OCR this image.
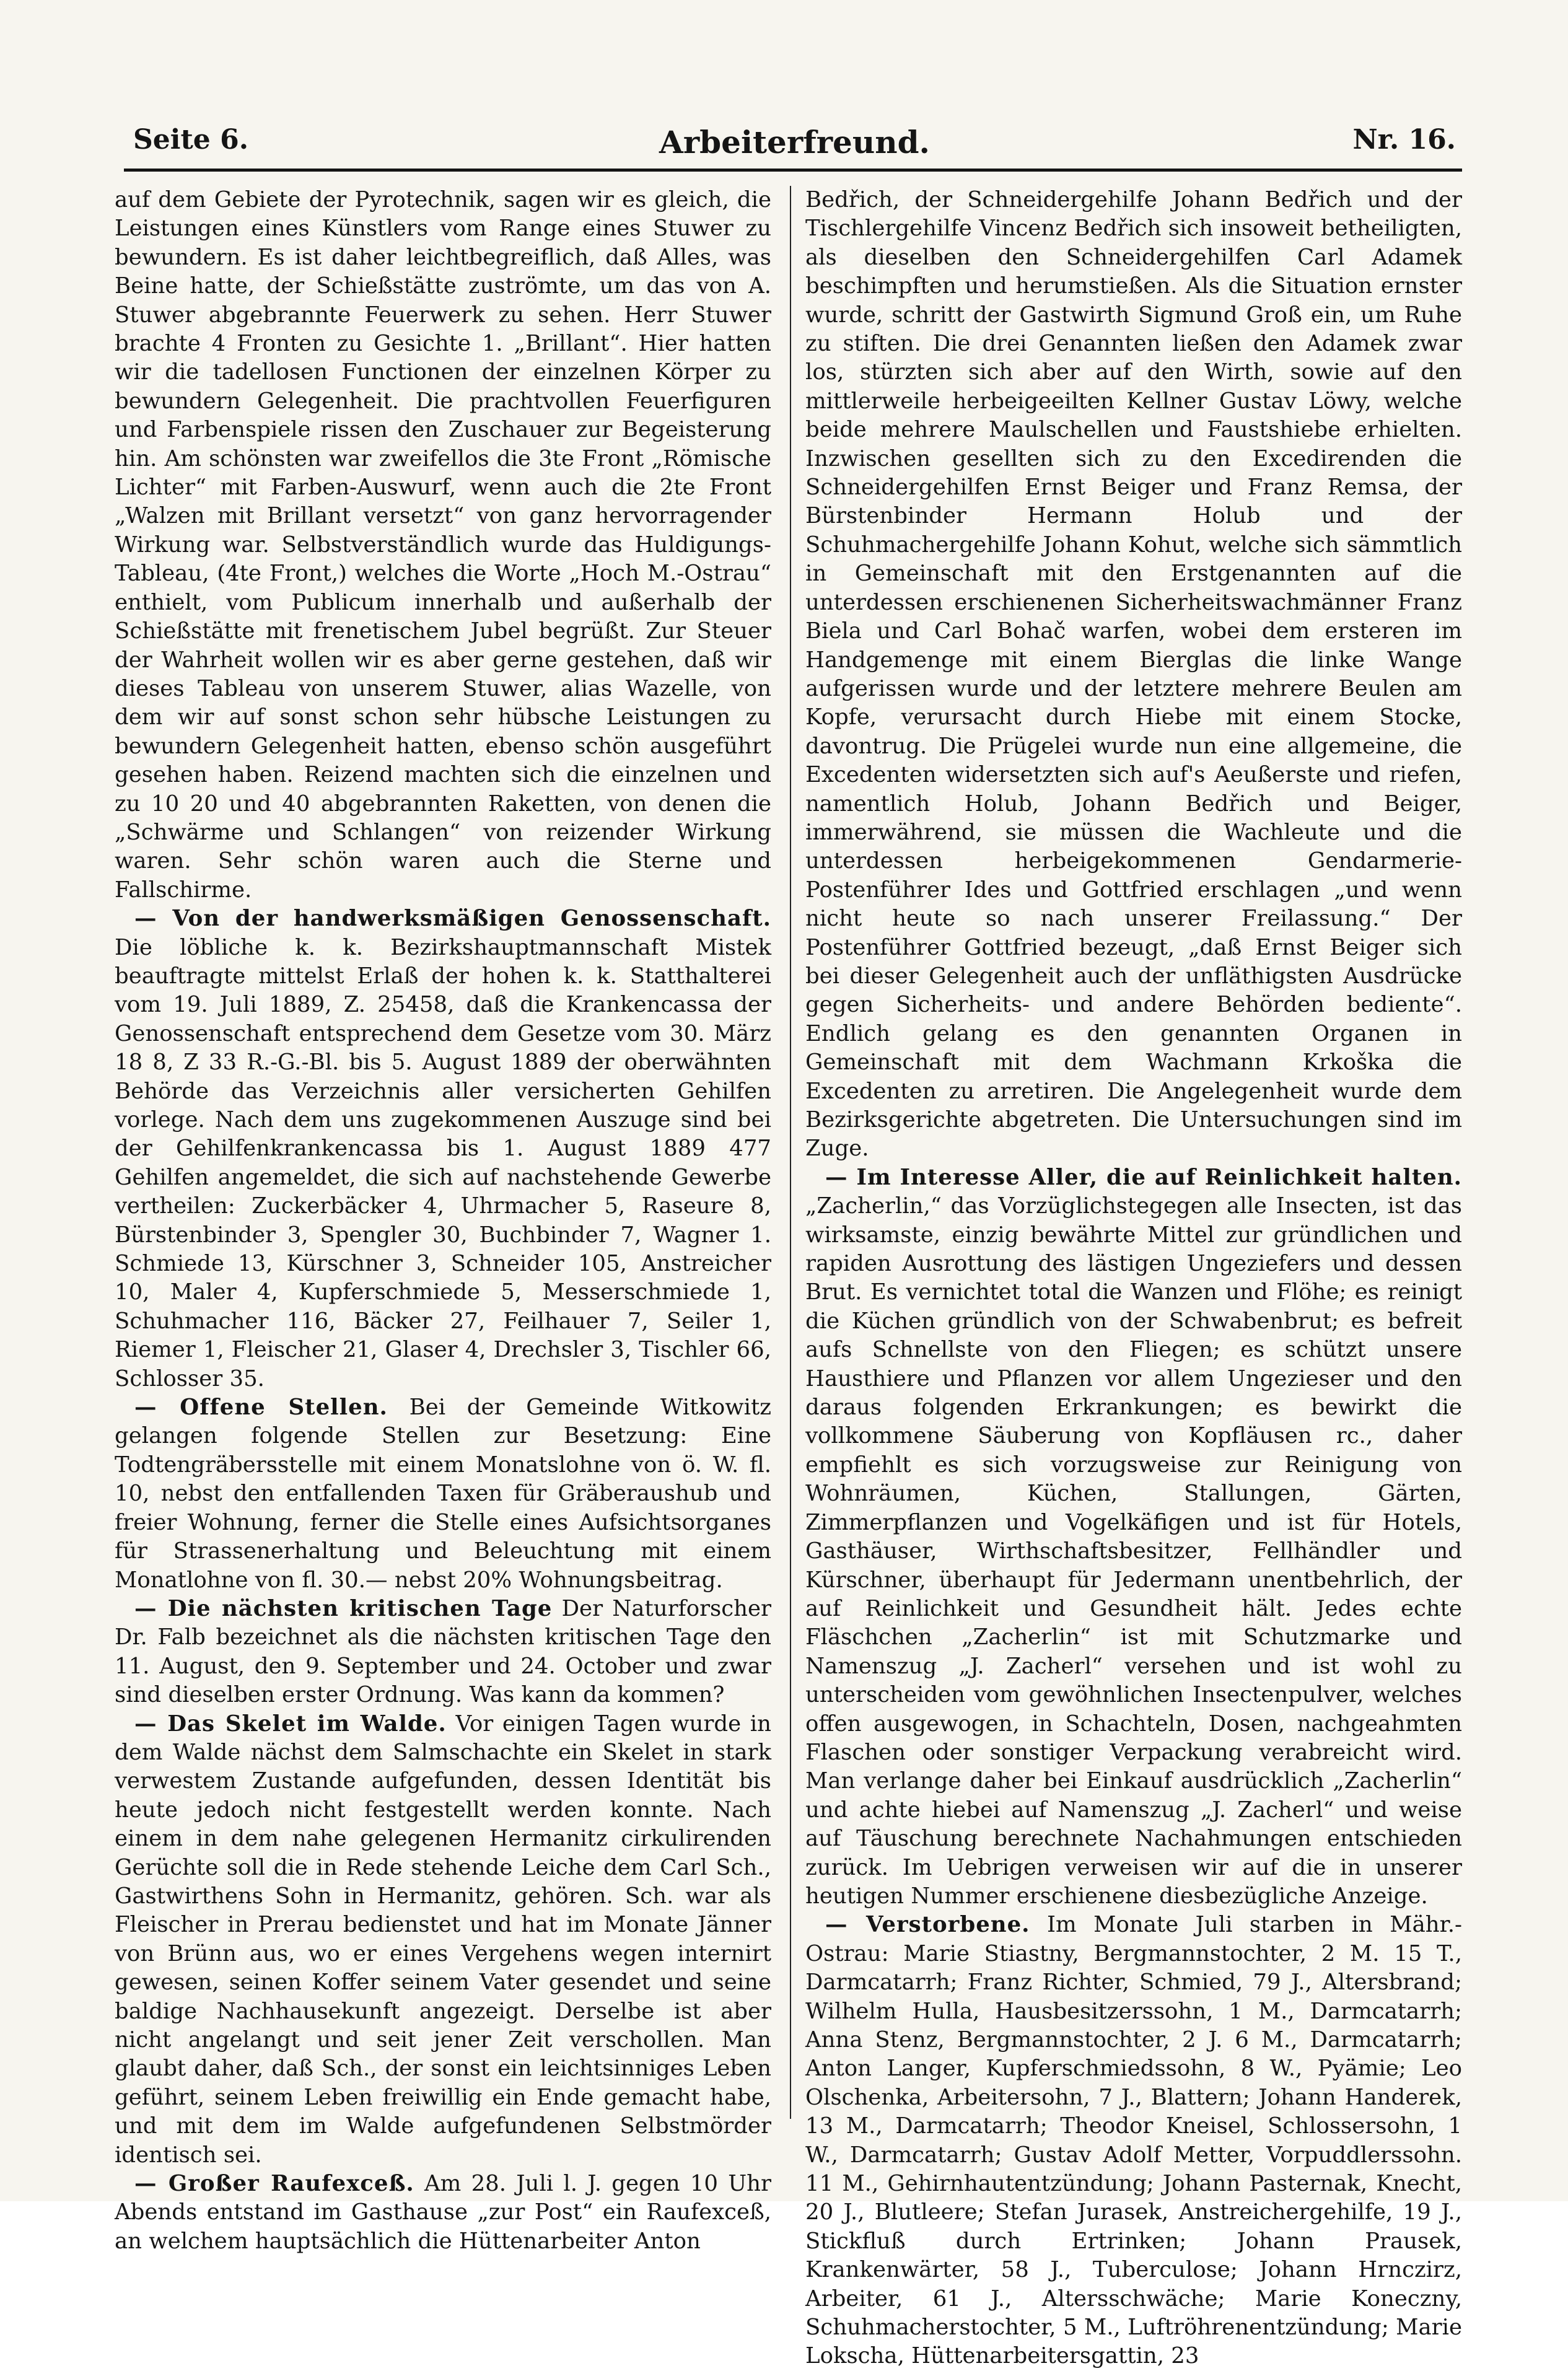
Seite 6.	Arbeiterfreund.	Nr. 16.

auf dem Gebiete der Pyrotechnik, sagen wir es gleich, die Leistungen eines Künstlers vom Range eines Stuwer zu bewundern. Es ist daher leichtbegreiflich, daß Alles, was Beine hatte, der Schießstätte zuströmte, um das von A. Stuwer abgebrannte Feuerwerk zu sehen. Herr Stuwer brachte 4 Fronten zu Gesichte 1. „Brillant“. Hier hatten wir die tadellosen Functionen der einzelnen Körper zu bewundern Gelegenheit. Die prachtvollen Feuerfiguren und Farbenspiele rissen den Zuschauer zur Begeisterung hin. Am schönsten war zweifellos die 3te Front „Römische Lichter“ mit Farben-Auswurf, wenn auch die 2te Front „Walzen mit Brillant versetzt“ von ganz hervorragender Wirkung war. Selbstverständlich wurde das Huldigungs-Tableau, (4te Front,) welches die Worte „Hoch M.-Ostrau“ enthielt, vom Publicum innerhalb und außerhalb der Schießstätte mit frenetischem Jubel begrüßt. Zur Steuer der Wahrheit wollen wir es aber gerne gestehen, daß wir dieses Tableau von unserem Stuwer, alias Wazelle, von dem wir auf sonst schon sehr hübsche Leistungen zu bewundern Gelegenheit hatten, ebenso schön ausgeführt gesehen haben. Reizend machten sich die einzelnen und zu 10 20 und 40 abgebrannten Raketten, von denen die „Schwärme und Schlangen“ von reizender Wirkung waren. Sehr schön waren auch die Sterne und Fallschirme.

— Von der handwerksmäßigen Genossenschaft. Die löbliche k. k. Bezirkshauptmannschaft Mistek beauftragte mittelst Erlaß der hohen k. k. Statthalterei vom 19. Juli 1889, Z. 25458, daß die Krankencassa der Genossenschaft entsprechend dem Gesetze vom 30. März 18 8, Z 33 R.-G.-Bl. bis 5. August 1889 der oberwähnten Behörde das Verzeichnis aller versicherten Gehilfen vorlege. Nach dem uns zugekommenen Auszuge sind bei der Gehilfenkrankencassa bis 1. August 1889 477 Gehilfen angemeldet, die sich auf nachstehende Gewerbe vertheilen: Zuckerbäcker 4, Uhrmacher 5, Raseure 8, Bürstenbinder 3, Spengler 30, Buchbinder 7, Wagner 1. Schmiede 13, Kürschner 3, Schneider 105, Anstreicher 10, Maler 4, Kupferschmiede 5, Messerschmiede 1, Schuhmacher 116, Bäcker 27, Feilhauer 7, Seiler 1, Riemer 1, Fleischer 21, Glaser 4, Drechsler 3, Tischler 66, Schlosser 35.

— Offene Stellen. Bei der Gemeinde Witkowitz gelangen folgende Stellen zur Besetzung: Eine Todtengräbersstelle mit einem Monatslohne von ö. W. fl. 10, nebst den entfallenden Taxen für Gräberaushub und freier Wohnung, ferner die Stelle eines Aufsichtsorganes für Strassenerhaltung und Beleuchtung mit einem Monatlohne von fl. 30.— nebst 20% Wohnungsbeitrag.

— Die nächsten kritischen Tage Der Naturforscher Dr. Falb bezeichnet als die nächsten kritischen Tage den 11. August, den 9. September und 24. October und zwar sind dieselben erster Ordnung. Was kann da kommen?

— Das Skelet im Walde. Vor einigen Tagen wurde in dem Walde nächst dem Salmschachte ein Skelet in stark verwestem Zustande aufgefunden, dessen Identität bis heute jedoch nicht festgestellt werden konnte. Nach einem in dem nahe gelegenen Hermanitz cirkulirenden Gerüchte soll die in Rede stehende Leiche dem Carl Sch., Gastwirthens Sohn in Hermanitz, gehören. Sch. war als Fleischer in Prerau bedienstet und hat im Monate Jänner von Brünn aus, wo er eines Vergehens wegen internirt gewesen, seinen Koffer seinem Vater gesendet und seine baldige Nachhausekunft angezeigt. Derselbe ist aber nicht angelangt und seit jener Zeit verschollen. Man glaubt daher, daß Sch., der sonst ein leichtsinniges Leben geführt, seinem Leben freiwillig ein Ende gemacht habe, und mit dem im Walde aufgefundenen Selbstmörder identisch sei.

— Großer Raufexceß. Am 28. Juli l. J. gegen 10 Uhr Abends entstand im Gasthause „zur Post“ ein Raufexceß, an welchem hauptsächlich die Hüttenarbeiter Anton

Bedřich, der Schneidergehilfe Johann Bedřich und der Tischlergehilfe Vincenz Bedřich sich insoweit betheiligten, als dieselben den Schneidergehilfen Carl Adamek beschimpften und herumstießen. Als die Situation ernster wurde, schritt der Gastwirth Sigmund Groß ein, um Ruhe zu stiften. Die drei Genannten ließen den Adamek zwar los, stürzten sich aber auf den Wirth, sowie auf den mittlerweile herbeigeeilten Kellner Gustav Löwy, welche beide mehrere Maulschellen und Faustshiebe erhielten. Inzwischen gesellten sich zu den Excedirenden die Schneidergehilfen Ernst Beiger und Franz Remsa, der Bürstenbinder Hermann Holub und der Schuhmachergehilfe Johann Kohut, welche sich sämmtlich in Gemeinschaft mit den Erstgenannten auf die unterdessen erschienenen Sicherheitswachmänner Franz Biela und Carl Bohač warfen, wobei dem ersteren im Handgemenge mit einem Bierglas die linke Wange aufgerissen wurde und der letztere mehrere Beulen am Kopfe, verursacht durch Hiebe mit einem Stocke, davontrug. Die Prügelei wurde nun eine allgemeine, die Excedenten widersetzten sich auf's Aeußerste und riefen, namentlich Holub, Johann Bedřich und Beiger, immerwährend, sie müssen die Wachleute und die unterdessen herbeigekommenen Gendarmerie-Postenführer Ides und Gottfried erschlagen „und wenn nicht heute so nach unserer Freilassung.“ Der Postenführer Gottfried bezeugt, „daß Ernst Beiger sich bei dieser Gelegenheit auch der unfläthigsten Ausdrücke gegen Sicherheits- und andere Behörden bediente“. Endlich gelang es den genannten Organen in Gemeinschaft mit dem Wachmann Krkoška die Excedenten zu arretiren. Die Angelegenheit wurde dem Bezirksgerichte abgetreten. Die Untersuchungen sind im Zuge.

— Im Interesse Aller, die auf Reinlichkeit halten. „Zacherlin,“ das Vorzüglichstegegen alle Insecten, ist das wirksamste, einzig bewährte Mittel zur gründlichen und rapiden Ausrottung des lästigen Ungeziefers und dessen Brut. Es vernichtet total die Wanzen und Flöhe; es reinigt die Küchen gründlich von der Schwabenbrut; es befreit aufs Schnellste von den Fliegen; es schützt unsere Hausthiere und Pflanzen vor allem Ungezieser und den daraus folgenden Erkrankungen; es bewirkt die vollkommene Säuberung von Kopfläusen rc., daher empfiehlt es sich vorzugsweise zur Reinigung von Wohnräumen, Küchen, Stallungen, Gärten, Zimmerpflanzen und Vogelkäfigen und ist für Hotels, Gasthäuser, Wirthschaftsbesitzer, Fellhändler und Kürschner, überhaupt für Jedermann unentbehrlich, der auf Reinlichkeit und Gesundheit hält. Jedes echte Fläschchen „Zacherlin“ ist mit Schutzmarke und Namenszug „J. Zacherl“ versehen und ist wohl zu unterscheiden vom gewöhnlichen Insectenpulver, welches offen ausgewogen, in Schachteln, Dosen, nachgeahmten Flaschen oder sonstiger Verpackung verabreicht wird. Man verlange daher bei Einkauf ausdrücklich „Zacherlin“ und achte hiebei auf Namenszug „J. Zacherl“ und weise auf Täuschung berechnete Nachahmungen entschieden zurück. Im Uebrigen verweisen wir auf die in unserer heutigen Nummer erschienene diesbezügliche Anzeige.

— Verstorbene. Im Monate Juli starben in Mähr.-Ostrau: Marie Stiastny, Bergmannstochter, 2 M. 15 T., Darmcatarrh; Franz Richter, Schmied, 79 J., Altersbrand; Wilhelm Hulla, Hausbesitzerssohn, 1 M., Darmcatarrh; Anna Stenz, Bergmannstochter, 2 J. 6 M., Darmcatarrh; Anton Langer, Kupferschmiedssohn, 8 W., Pyämie; Leo Olschenka, Arbeitersohn, 7 J., Blattern; Johann Handerek, 13 M., Darmcatarrh; Theodor Kneisel, Schlossersohn, 1 W., Darmcatarrh; Gustav Adolf Metter, Vorpuddlerssohn. 11 M., Gehirnhautentzündung; Johann Pasternak, Knecht, 20 J., Blutleere; Stefan Jurasek, Anstreichergehilfe, 19 J., Stickfluß durch Ertrinken; Johann Prausek, Krankenwärter, 58 J., Tuberculose; Johann Hrnczirz, Arbeiter, 61 J., Altersschwäche; Marie Koneczny, Schuhmacherstochter, 5 M., Luftröhrenentzündung; Marie Lokscha, Hüttenarbeitersgattin, 23
